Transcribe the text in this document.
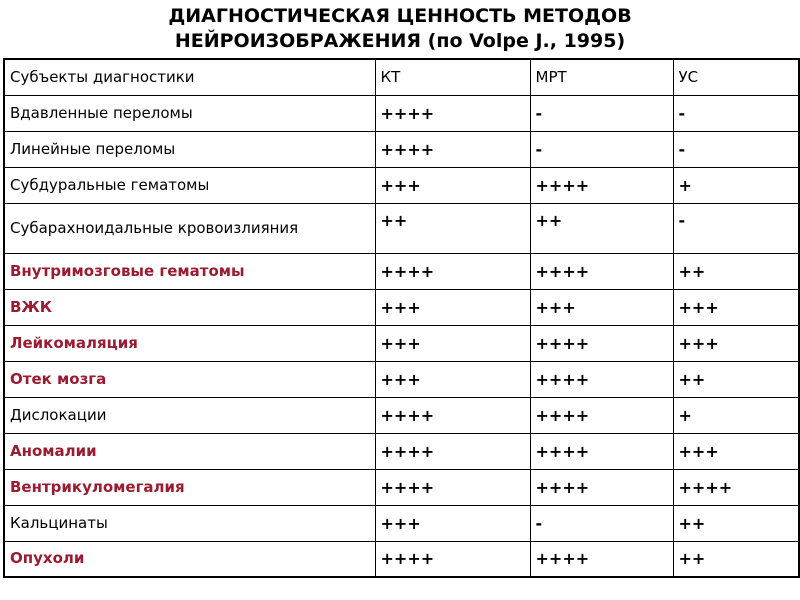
ДИАГНОСТИЧЕСКАЯ ЦЕННОСТЬ МЕТОДОВ
НЕЙРОИЗОБРАЖЕНИЯ (по Volpe J., 1995)
Субъекты диагностики	КТ	МРТ	УС
Вдавленные переломы	++++	-	-
Линейные переломы	++++	-	-
Субдуральные гематомы	+++	++++	+
Субарахноидальные кровоизлияния	++	++	-
Внутримозговые гематомы	++++	++++	++
ВЖК	+++	+++	+++
Лейкомаляция	+++	++++	+++
Отек мозга	+++	++++	++
Дислокации	++++	++++	+
Аномалии	++++	++++	+++
Вентрикуломегалия	++++	++++	++++
Кальцинаты	+++	-	++
Опухоли	++++	++++	++
